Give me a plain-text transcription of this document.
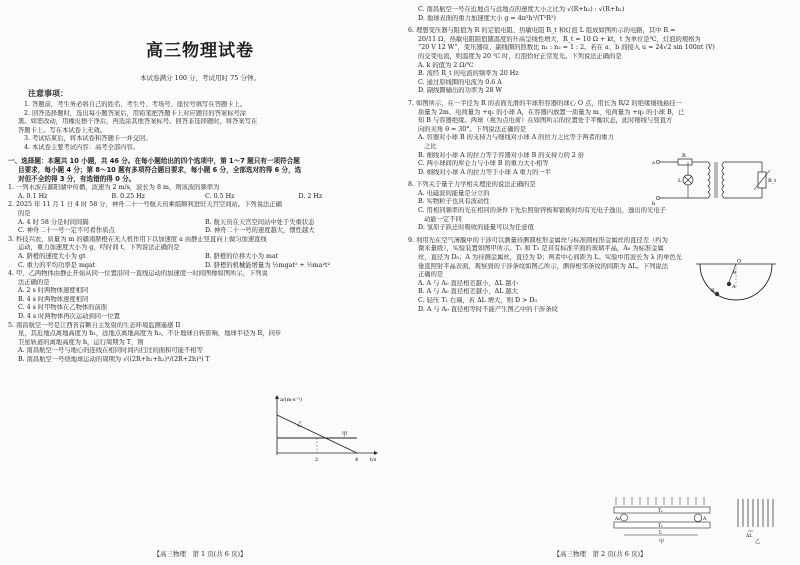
高三物理试卷
本试卷满分 100 分，考试用时 75 分钟。
注意事项：
1. 答题前，考生务必将自己的姓名、考生号、考场号、座位号填写在答题卡上。
2. 回答选择题时，选出每小题答案后，用铅笔把答题卡上对应题目的答案标号涂
黑。如需改动，用橡皮擦干净后，再选涂其他答案标号。回答非选择题时，将答案写在
答题卡上。写在本试卷上无效。
3. 考试结束后，将本试卷和答题卡一并交回。
4. 本试卷主要考试内容：高考全部内容。
一、选择题：本题共 10 小题，共 46 分。在每小题给出的四个选项中，第 1～7 题只有一项符合题
目要求，每小题 4 分；第 8～10 题有多项符合题目要求，每小题 6 分，全部选对的得 6 分，选
对但不全的得 3 分，有选错的得 0 分。
1. 一列水波在鄱阳湖中传播，波速为 2 m/s，波长为 8 m，则该波的频率为
A. 0.1 Hz	B. 0.25 Hz	C. 0.5 Hz	D. 2 Hz
2. 2025 年 11 月 1 日 4 时 58 分，神舟二十一号航天员乘组顺利进驻天宫空间站。下列说法正确
的是
A. 4 时 58 分是时间间隔	B. 航天员在天宫空间站中处于失重状态
C. 神舟二十一号一定不可看作质点	D. 神舟二十一号的速度越大，惯性越大
3. 科技兴农，质量为 m 的赣南脐橙在无人机作用下以加速度 a 由静止竖直向上做匀加速直线
运动，重力加速度大小为 g，经时间 t，下列说法正确的是
A. 脐橙的速度大小为 gt	B. 脐橙的位移大小为 mat
C. 重力的平均功率是 mgat	D. 脐橙的机械能增量为 ½mgat² + ½ma²t²
4. 甲、乙两物体由静止开始从同一位置沿同一直线运动的加速度一时间图像如图所示，下列说
法正确的是
A. 2 s 时两物体速度相同
B. 4 s 时两物体速度相同
C. 4 s 时甲物体在乙物体的前面
D. 4 s 时两物体再次运动到同一位置
5. 南昌航空一号是江西省首颗自主发射的生态环境监测遥感 II
星，其近地点离地高度为 h₁，远地点离地高度为 h₂。不计地球自转影响，地球半径为 R，同步
卫星轨道的离地高度为 h，运行周期为 T，则
A. 南昌航空一号与地心的连线在相同时间内扫过的面积可能不相等
B. 南昌航空一号绕地球运动的周期为 √((2R+h₁+h₂)³/(2R+2h)³) T
a/(m·s⁻²)
t/s
甲
乙
2	4
【高三物理　第 1 页(共 6 页)】
C. 南昌航空一号在近地点与远地点的速度大小之比为 √(R+h₂) : √(R+h₁)
D. 地球表面的重力加速度大小 g = 4π²h³/(T²R²)
6. 理想变压器与阻值为 R 的定值电阻、热敏电阻 R_t 和灯泡 L 组成如图所示的电路，其中 R =
20/11 Ω，热敏电阻阻值随温度的升高呈线性增大，R_t = 10 Ω + kt，t 为单位是℃，灯泡的规格为
“20 V 12 W”，变压器原、副线圈的匝数比 n₁ : n₂ = 1 : 2。若在 a、b 间接入 u = 24√2 sin 100πt (V)
的交变电流，则温度为 20 ℃ 时，灯泡恰好正常发光。下列说法正确的是
A. k 的值为 2 Ω/℃
B. 流经 R_t 的电流的频率为 20 Hz
C. 通过原线圈的电流为 0.6 A
D. 副线圈输出的功率为 28 W
7. 如图所示，在一半径为 R 的表面光滑的半球形容器的球心 O 点，用长为 R/2 的绝缘细线悬挂一
质量为 2m、电荷量为 +q₁ 的小球 A，在容器内放置一质量为 m、电荷量为 +q₂ 的小球 B，已
知 B 与容器绝缘。两球（视为点电荷）在如图所示的位置处于平衡状态，此时细线与竖直方
向的夹角 θ = 30°。下列说法正确的是
A. 容器对小球 B 的支持力与细线对小球 A 的拉力之比等于两者的重力
之比
B. 细线对小球 A 的拉力等于容器对小球 B 的支持力的 2 倍
C. 两小球间的库仑力与小球 B 的重力大小相等
D. 细线对小球 A 的拉力等于小球 A 重力的一半
8. 下列关于量子力学相关理论的说法正确的是
A. 电磁波的能量是分立的
B. 实物粒子也具有波动性
C. 用相同频率的光在相同的条件下先后照射锌板和银板时均有光电子逸出，逸出的光电子
动能一定不同
D. 氢原子跃迁时吸收的能量可以为任意值
9. 利用光在空气薄膜中的干涉可以测量待测圆柱形金属丝与标准圆柱形金属丝的直径差（约为
微米量级），实验装置如图甲所示。T₁ 和 T₂ 是具有标准平面的玻璃平晶，A₀ 为标准金属
丝，直径为 D₀；A 为待测金属丝，直径为 D；两者中心间距为 L。实验中用波长为 λ 的单色光
垂直照射平晶表面，观察到的干涉条纹如图乙所示，测得相邻条纹的间距为 ΔL。下列说法
正确的是
A. A 与 A₀ 直径相差越小，ΔL 越小
B. A 与 A₀ 直径相差越小，ΔL 越大
C. 轻压 T₁ 右端，若 ΔL 增大，则 D > D₀
D. A 与 A₀ 直径相等时不能产生图乙中的干涉条纹
a
b
L
R
R_t
O
θ
A
B
T₁
T₂
A₀	A
L
甲
ΔL
乙
【高三物理　第 2 页(共 6 页)】
